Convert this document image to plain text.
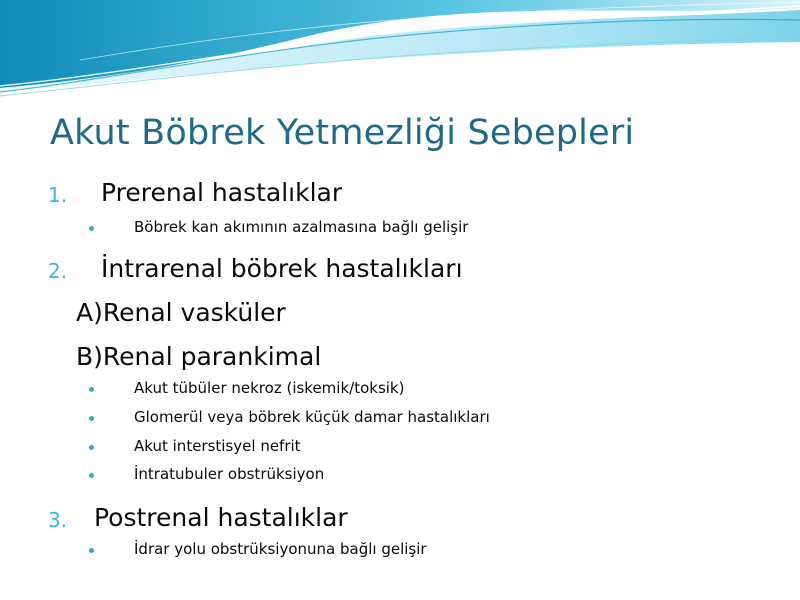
Akut Böbrek Yetmezliği Sebepleri
1. Prerenal hastalıklar
Böbrek kan akımının azalmasına bağlı gelişir
2. İntrarenal böbrek hastalıkları
A)Renal vasküler
B)Renal parankimal
Akut tübüler nekroz (iskemik/toksik)
Glomerül veya böbrek küçük damar hastalıkları
Akut interstisyel nefrit
İntratubuler obstrüksiyon
3. Postrenal hastalıklar
İdrar yolu obstrüksiyonuna bağlı gelişir
